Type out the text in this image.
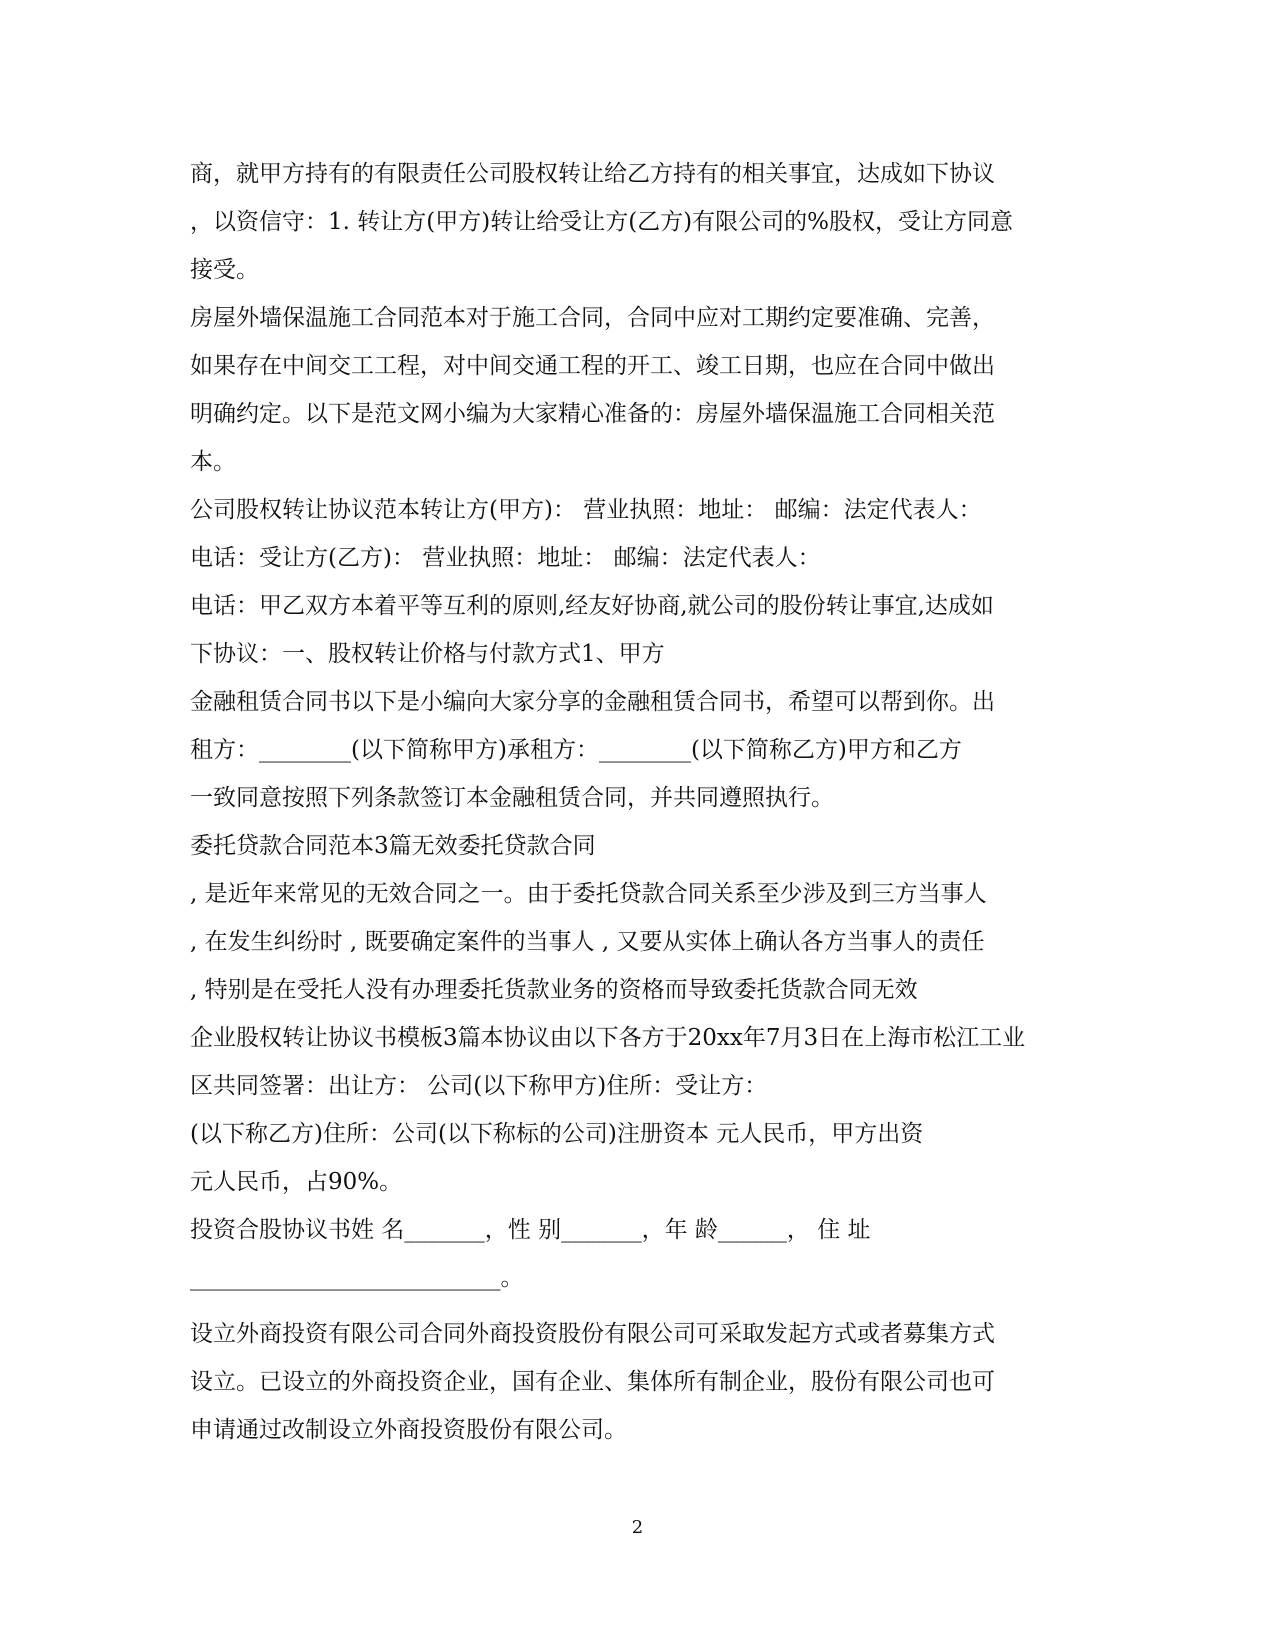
商，就甲方持有的有限责任公司股权转让给乙方持有的相关事宜，达成如下协议
，以资信守：1. 转让方(甲方)转让给受让方(乙方)有限公司的%股权，受让方同意
接受。
房屋外墙保温施工合同范本对于施工合同，合同中应对工期约定要准确、完善，
如果存在中间交工工程，对中间交通工程的开工、竣工日期，也应在合同中做出
明确约定。以下是范文网小编为大家精心准备的：房屋外墙保温施工合同相关范
本。
公司股权转让协议范本转让方(甲方)： 营业执照：地址： 邮编：法定代表人：
电话：受让方(乙方)： 营业执照：地址： 邮编：法定代表人：
电话：甲乙双方本着平等互利的原则,经友好协商,就公司的股份转让事宜,达成如
下协议：一、股权转让价格与付款方式1、甲方
金融租赁合同书以下是小编向大家分享的金融租赁合同书，希望可以帮到你。出
租方：________(以下简称甲方)承租方：________(以下简称乙方)甲方和乙方
一致同意按照下列条款签订本金融租赁合同，并共同遵照执行。
委托贷款合同范本3篇无效委托贷款合同
, 是近年来常见的无效合同之一。由于委托贷款合同关系至少涉及到三方当事人
, 在发生纠纷时 , 既要确定案件的当事人 , 又要从实体上确认各方当事人的责任
, 特别是在受托人没有办理委托货款业务的资格而导致委托货款合同无效
企业股权转让协议书模板3篇本协议由以下各方于20xx年7月3日在上海市松江工业
区共同签署：出让方： 公司(以下称甲方)住所：受让方：
(以下称乙方)住所：公司(以下称标的公司)注册资本 元人民币，甲方出资
元人民币，占90%。
投资合股协议书姓 名_______，性 别_______，年 龄______， 住 址
___________________________。
设立外商投资有限公司合同外商投资股份有限公司可采取发起方式或者募集方式
设立。已设立的外商投资企业，国有企业、集体所有制企业，股份有限公司也可
申请通过改制设立外商投资股份有限公司。
2
